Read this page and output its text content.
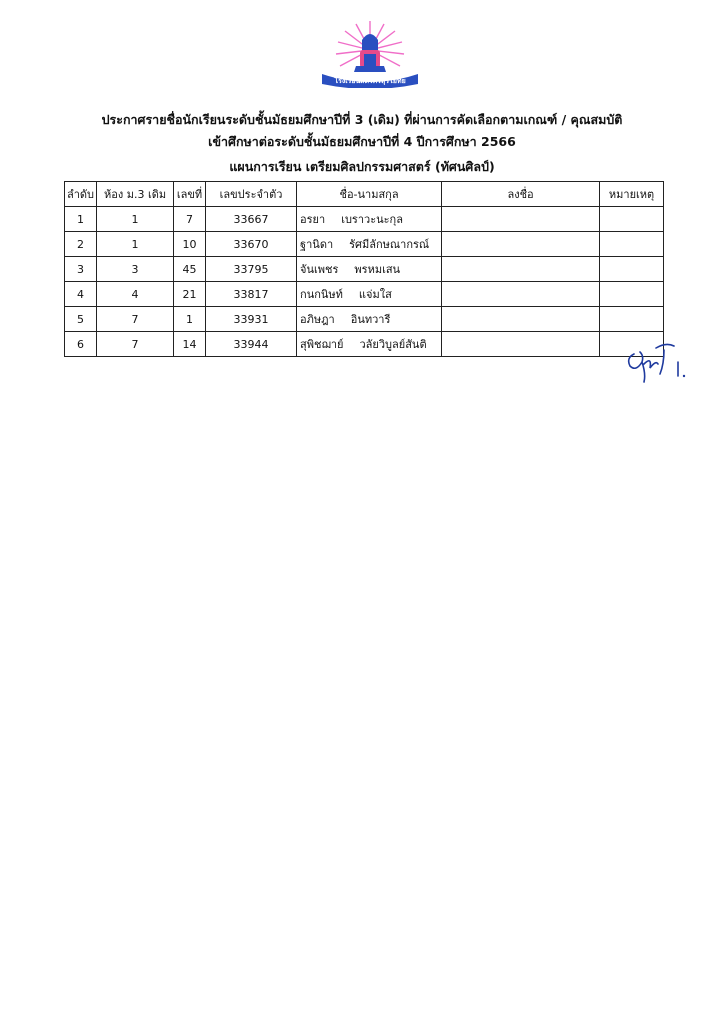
โรงเรียนสตรีศรีสุริโยทัย
ประกาศรายชื่อนักเรียนระดับชั้นมัธยมศึกษาปีที่ 3 (เดิม) ที่ผ่านการคัดเลือกตามเกณฑ์ / คุณสมบัติ
เข้าศึกษาต่อระดับชั้นมัธยมศึกษาปีที่ 4 ปีการศึกษา 2566
แผนการเรียน เตรียมศิลปกรรมศาสตร์ (ทัศนศิลป์)
ลำดับ	ห้อง ม.3 เดิม	เลขที่	เลขประจำตัว	ชื่อ-นามสกุล	ลงชื่อ	หมายเหตุ
1	1	7	33667	อรยา เบราวะนะกุล		
2	1	10	33670	ฐานิดา รัศมีลักษณากรณ์		
3	3	45	33795	จันเพชร พรหมเสน		
4	4	21	33817	กนกนิษท์ แจ่มใส		
5	7	1	33931	อภิษฎา อินทวารี		
6	7	14	33944	สุพิชฌาย์ วลัยวิบูลย์สันติ		
